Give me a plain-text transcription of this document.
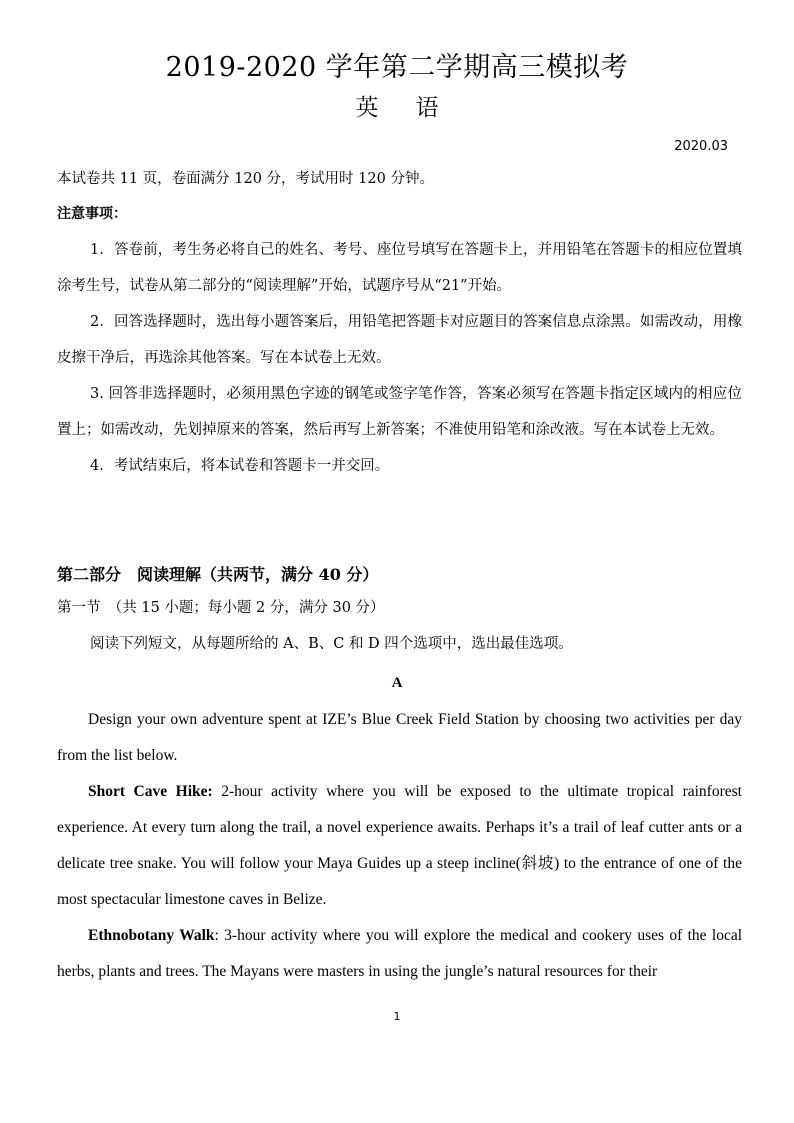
2019-2020 学年第二学期高三模拟考
英 语
2020.03

本试卷共 11 页，卷面满分 120 分，考试用时 120 分钟。

注意事项：

1．答卷前，考生务必将自己的姓名、考号、座位号填写在答题卡上，并用铅笔在答题卡的相应位置填涂考生号，试卷从第二部分的“阅读理解”开始，试题序号从“21”开始。

2．回答选择题时，选出每小题答案后，用铅笔把答题卡对应题目的答案信息点涂黑。如需改动，用橡皮擦干净后，再选涂其他答案。写在本试卷上无效。

3. 回答非选择题时，必须用黑色字迹的钢笔或签字笔作答，答案必须写在答题卡指定区域内的相应位置上；如需改动，先划掉原来的答案，然后再写上新答案；不准使用铅笔和涂改液。写在本试卷上无效。

4．考试结束后，将本试卷和答题卡一并交回。

第二部分　阅读理解（共两节，满分 40 分）
第一节　（共 15 小题；每小题 2 分，满分 30 分）
阅读下列短文，从每题所给的 A、B、C 和 D 四个选项中，选出最佳选项。
A

Design your own adventure spent at IZE’s Blue Creek Field Station by choosing two activities per day from the list below.

Short Cave Hike: 2-hour activity where you will be exposed to the ultimate tropical rainforest experience. At every turn along the trail, a novel experience awaits. Perhaps it’s a trail of leaf cutter ants or a delicate tree snake. You will follow your Maya Guides up a steep incline(斜坡) to the entrance of one of the most spectacular limestone caves in Belize.

Ethnobotany Walk: 3-hour activity where you will explore the medical and cookery uses of the local herbs, plants and trees. The Mayans were masters in using the jungle’s natural resources for their

1
